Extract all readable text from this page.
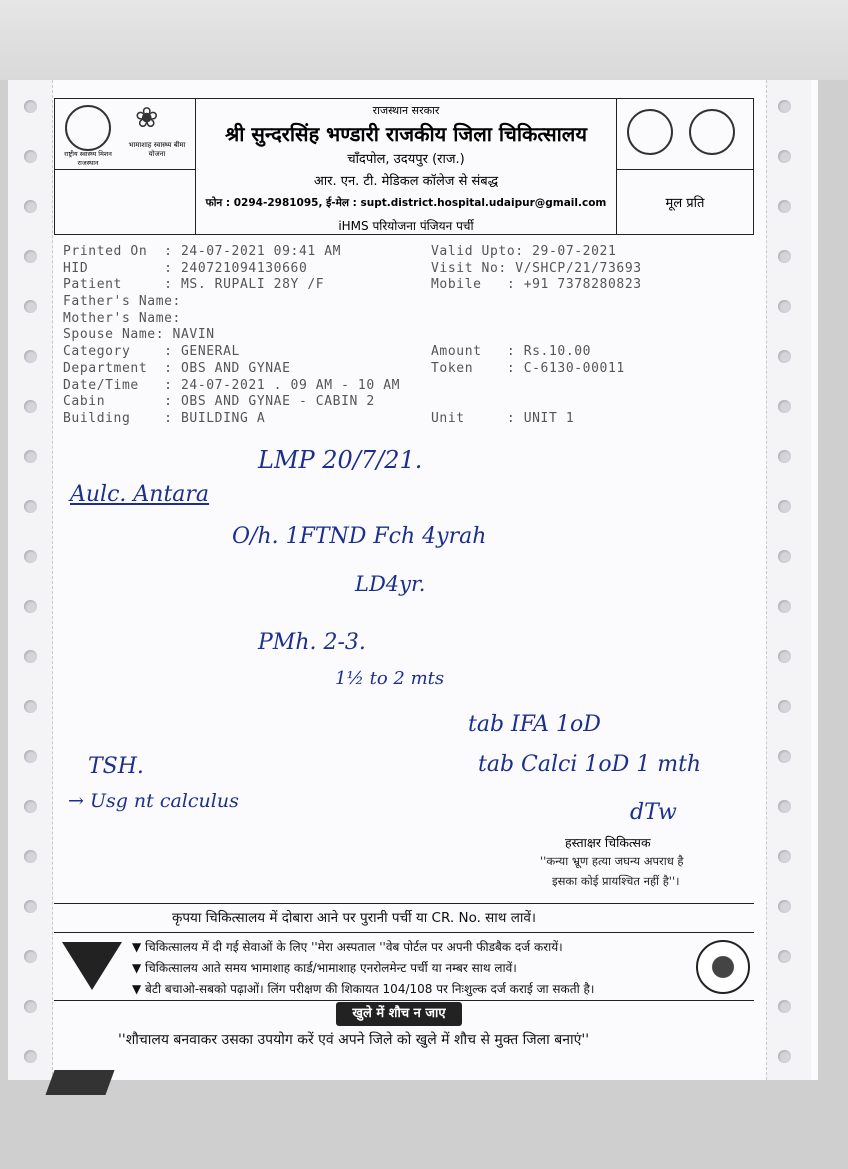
राष्ट्रीय स्वास्थ्य मिशन राजस्थान
❀
भामाशाह स्वास्थ्य बीमा योजना
राजस्थान सरकार
श्री सुन्दरसिंह भण्डारी राजकीय जिला चिकित्सालय
चाँदपोल, उदयपुर (राज.)
आर. एन. टी. मेडिकल कॉलेज से संबद्ध
फोन : 0294-2981095, ई-मेल : supt.district.hospital.udaipur@gmail.com
iHMS परियोजना पंजियन पर्ची
मूल प्रति
Printed On  : 24-07-2021 09:41 AM
HID         : 240721094130660
Patient     : MS. RUPALI 28Y /F
Father's Name:
Mother's Name:
Spouse Name: NAVIN
Category    : GENERAL
Department  : OBS AND GYNAE
Date/Time   : 24-07-2021 . 09 AM - 10 AM
Cabin       : OBS AND GYNAE - CABIN 2
Building    : BUILDING A
Valid Upto: 29-07-2021
Visit No: V/SHCP/21/73693
Mobile   : +91 7378280823
Amount   : Rs.10.00
Token    : C-6130-00011
Unit     : UNIT 1
LMP 20/7/21.
Aulc. Antara
O/h. 1FTND Fch 4yrah
LD4yr.
PMh. 2-3.
1½ to 2 mts
tab IFA 1oD
tab Calci 1oD 1 mth
TSH.
→ Usg nt calculus	dTw
हस्ताक्षर चिकित्सक
''कन्या भ्रूण हत्या जघन्य अपराध है
इसका कोई प्रायश्चित नहीं है''।
कृपया चिकित्सालय में दोबारा आने पर पुरानी पर्ची या CR. No. साथ लावें।
▼ चिकित्सालय में दी गई सेवाओं के लिए ''मेरा अस्पताल ''वेब पोर्टल पर अपनी फीडबैक दर्ज करायें।
▼ चिकित्सालय आते समय भामाशाह कार्ड/भामाशाह एनरोलमेन्ट पर्ची या नम्बर साथ लावें।
▼ बेटी बचाओ-सबको पढ़ाओं। लिंग परीक्षण की शिकायत 104/108 पर निःशुल्क दर्ज कराई जा सकती है।
खुले में शौच न जाए
''शौचालय बनवाकर उसका उपयोग करें एवं अपने जिले को खुले में शौच से मुक्त जिला बनाएं''
